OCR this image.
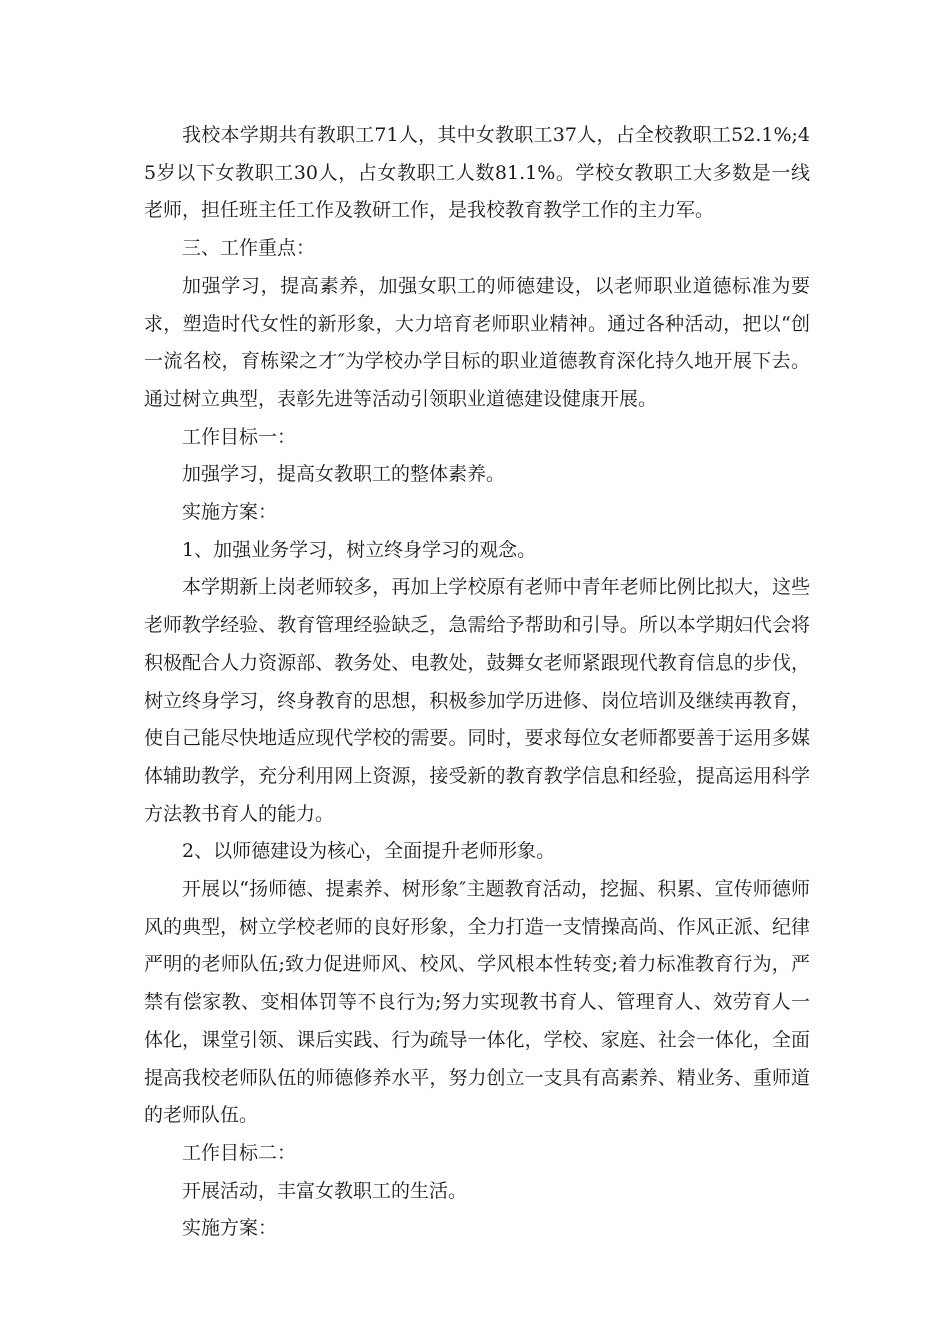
我校本学期共有教职工71人，其中女教职工37人，占全校教职工52.1%;45岁以下女教职工30人，占女教职工人数81.1%。学校女教职工大多数是一线老师，担任班主任工作及教研工作，是我校教育教学工作的主力军。

三、工作重点：

加强学习，提高素养，加强女职工的师德建设，以老师职业道德标准为要求，塑造时代女性的新形象，大力培育老师职业精神。通过各种活动，把以“创一流名校，育栋梁之才″为学校办学目标的职业道德教育深化持久地开展下去。通过树立典型，表彰先进等活动引领职业道德建设健康开展。

工作目标一：

加强学习，提高女教职工的整体素养。

实施方案：

1、加强业务学习，树立终身学习的观念。

本学期新上岗老师较多，再加上学校原有老师中青年老师比例比拟大，这些老师教学经验、教育管理经验缺乏，急需给予帮助和引导。所以本学期妇代会将积极配合人力资源部、教务处、电教处，鼓舞女老师紧跟现代教育信息的步伐，树立终身学习，终身教育的思想，积极参加学历进修、岗位培训及继续再教育，使自己能尽快地适应现代学校的需要。同时，要求每位女老师都要善于运用多媒体辅助教学，充分利用网上资源，接受新的教育教学信息和经验，提高运用科学方法教书育人的能力。

2、以师德建设为核心，全面提升老师形象。

开展以“扬师德、提素养、树形象″主题教育活动，挖掘、积累、宣传师德师风的典型，树立学校老师的良好形象，全力打造一支情操高尚、作风正派、纪律严明的老师队伍;致力促进师风、校风、学风根本性转变;着力标准教育行为，严禁有偿家教、变相体罚等不良行为;努力实现教书育人、管理育人、效劳育人一体化，课堂引领、课后实践、行为疏导一体化，学校、家庭、社会一体化，全面提高我校老师队伍的师德修养水平，努力创立一支具有高素养、精业务、重师道的老师队伍。

工作目标二：

开展活动，丰富女教职工的生活。

实施方案：
